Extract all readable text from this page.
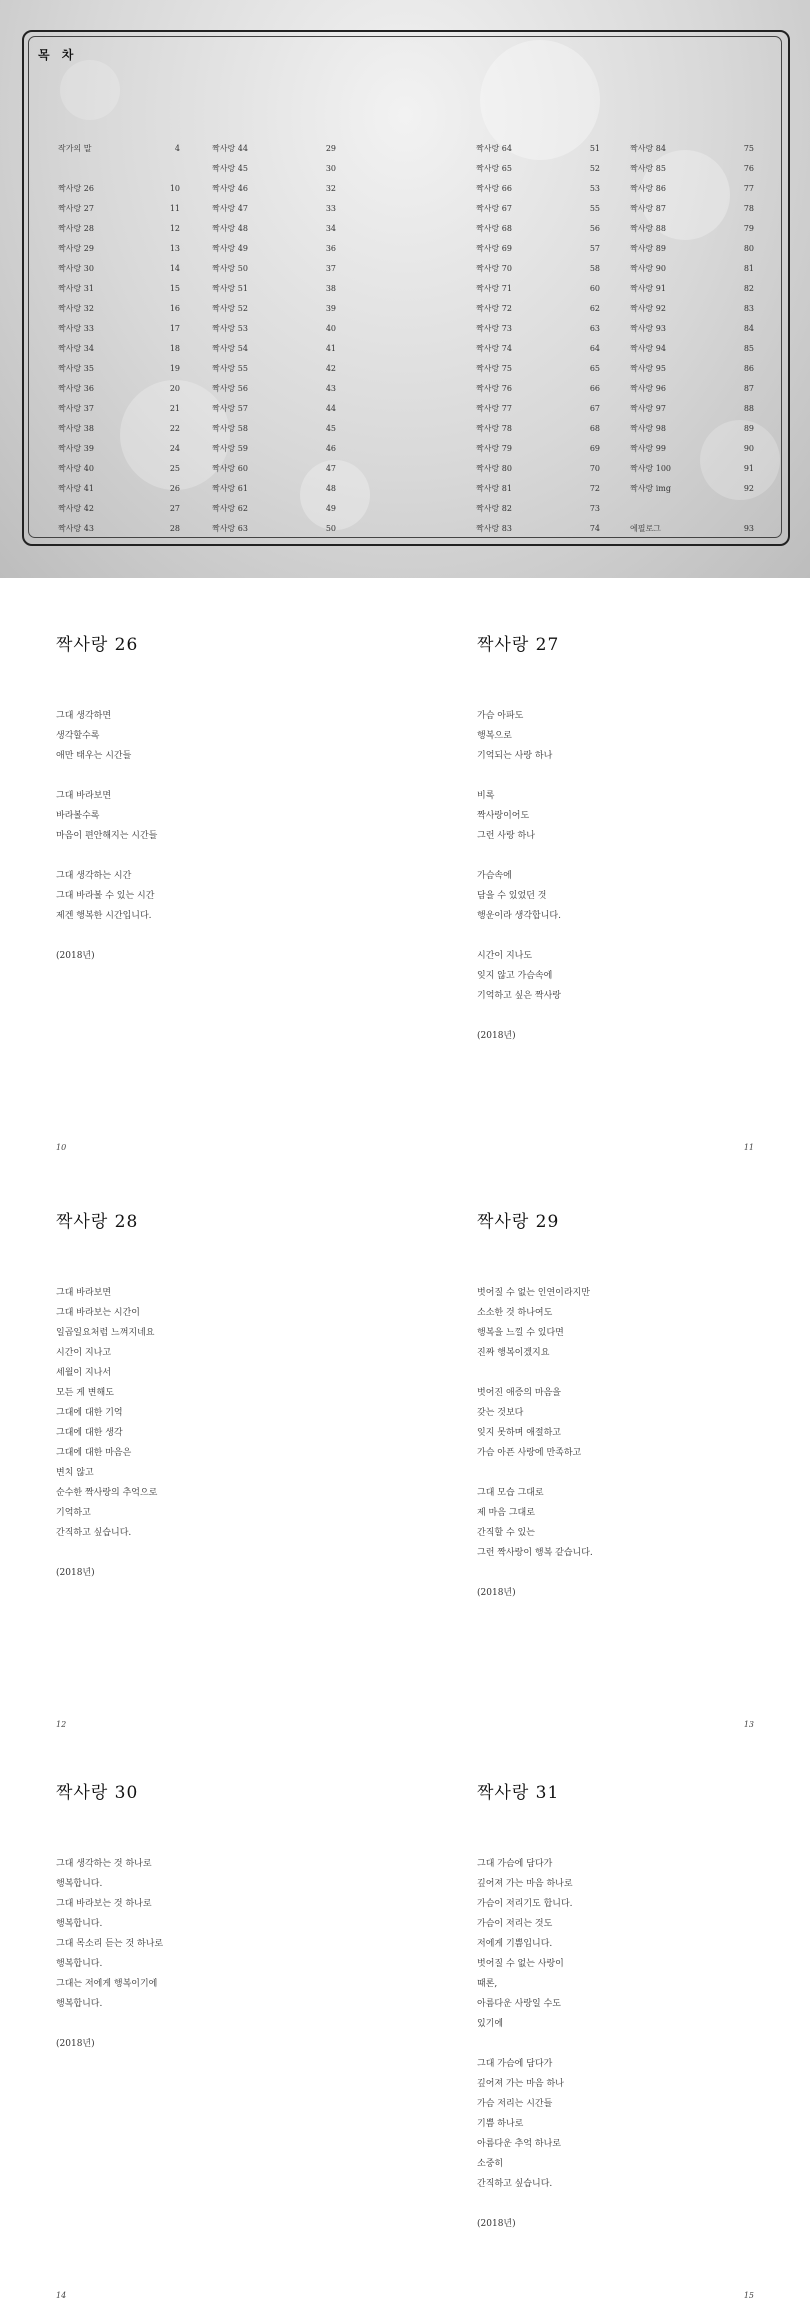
목 차
작가의 말	4
짝사랑 26	10
짝사랑 27	11
짝사랑 28	12
짝사랑 29	13
짝사랑 30	14
짝사랑 31	15
짝사랑 32	16
짝사랑 33	17
짝사랑 34	18
짝사랑 35	19
짝사랑 36	20
짝사랑 37	21
짝사랑 38	22
짝사랑 39	24
짝사랑 40	25
짝사랑 41	26
짝사랑 42	27
짝사랑 43	28
짝사랑 44	29
짝사랑 45	30
짝사랑 46	32
짝사랑 47	33
짝사랑 48	34
짝사랑 49	36
짝사랑 50	37
짝사랑 51	38
짝사랑 52	39
짝사랑 53	40
짝사랑 54	41
짝사랑 55	42
짝사랑 56	43
짝사랑 57	44
짝사랑 58	45
짝사랑 59	46
짝사랑 60	47
짝사랑 61	48
짝사랑 62	49
짝사랑 63	50
짝사랑 64	51
짝사랑 65	52
짝사랑 66	53
짝사랑 67	55
짝사랑 68	56
짝사랑 69	57
짝사랑 70	58
짝사랑 71	60
짝사랑 72	62
짝사랑 73	63
짝사랑 74	64
짝사랑 75	65
짝사랑 76	66
짝사랑 77	67
짝사랑 78	68
짝사랑 79	69
짝사랑 80	70
짝사랑 81	72
짝사랑 82	73
짝사랑 83	74
짝사랑 84	75
짝사랑 85	76
짝사랑 86	77
짝사랑 87	78
짝사랑 88	79
짝사랑 89	80
짝사랑 90	81
짝사랑 91	82
짝사랑 92	83
짝사랑 93	84
짝사랑 94	85
짝사랑 95	86
짝사랑 96	87
짝사랑 97	88
짝사랑 98	89
짝사랑 99	90
짝사랑 100	91
짝사랑 img	92
에필로그	93
짝사랑 26
그대 생각하면
생각할수록
애만 태우는 시간들
그대 바라보면
바라볼수록
마음이 편안해지는 시간들
그대 생각하는 시간
그대 바라볼 수 있는 시간
제겐 행복한 시간입니다.
(2018년)
10
짝사랑 27
가슴 아파도
행복으로
기억되는 사랑 하나
비록
짝사랑이어도
그런 사랑 하나
가슴속에
담을 수 있었던 것
행운이라 생각합니다.
시간이 지나도
잊지 않고 가슴속에
기억하고 싶은 짝사랑
(2018년)
11
짝사랑 28
그대 바라보면
그대 바라보는 시간이
일곱일요처럼 느껴지네요
시간이 지나고
세월이 지나서
모든 게 변해도
그대에 대한 기억
그대에 대한 생각
그대에 대한 마음은
변치 않고
순수한 짝사랑의 추억으로
기억하고
간직하고 싶습니다.
(2018년)
12
짝사랑 29
벗어질 수 없는 인연이라지만
소소한 것 하나여도
행복을 느낄 수 있다면
진짜 행복이겠지요
벗어진 애증의 마음을
갖는 것보다
잊지 못하며 애절하고
가슴 아픈 사랑에 만족하고
그대 모습 그대로
제 마음 그대로
간직할 수 있는
그런 짝사랑이 행복 같습니다.
(2018년)
13
짝사랑 30
그대 생각하는 것 하나로
행복합니다.
그대 바라보는 것 하나로
행복합니다.
그대 목소리 듣는 것 하나로
행복합니다.
그대는 저에게 행복이기에
행복합니다.
(2018년)
14
짝사랑 31
그대 가슴에 담다가
깊어져 가는 마음 하나로
가슴이 저리기도 합니다.
가슴이 저리는 것도
저에게 기쁨입니다.
벗어질 수 없는 사랑이
때론,
아름다운 사랑일 수도
있기에
그대 가슴에 담다가
깊어져 가는 마음 하나
가슴 저리는 시간들
기쁨 하나로
아름다운 추억 하나로
소중히
간직하고 싶습니다.
(2018년)
15
